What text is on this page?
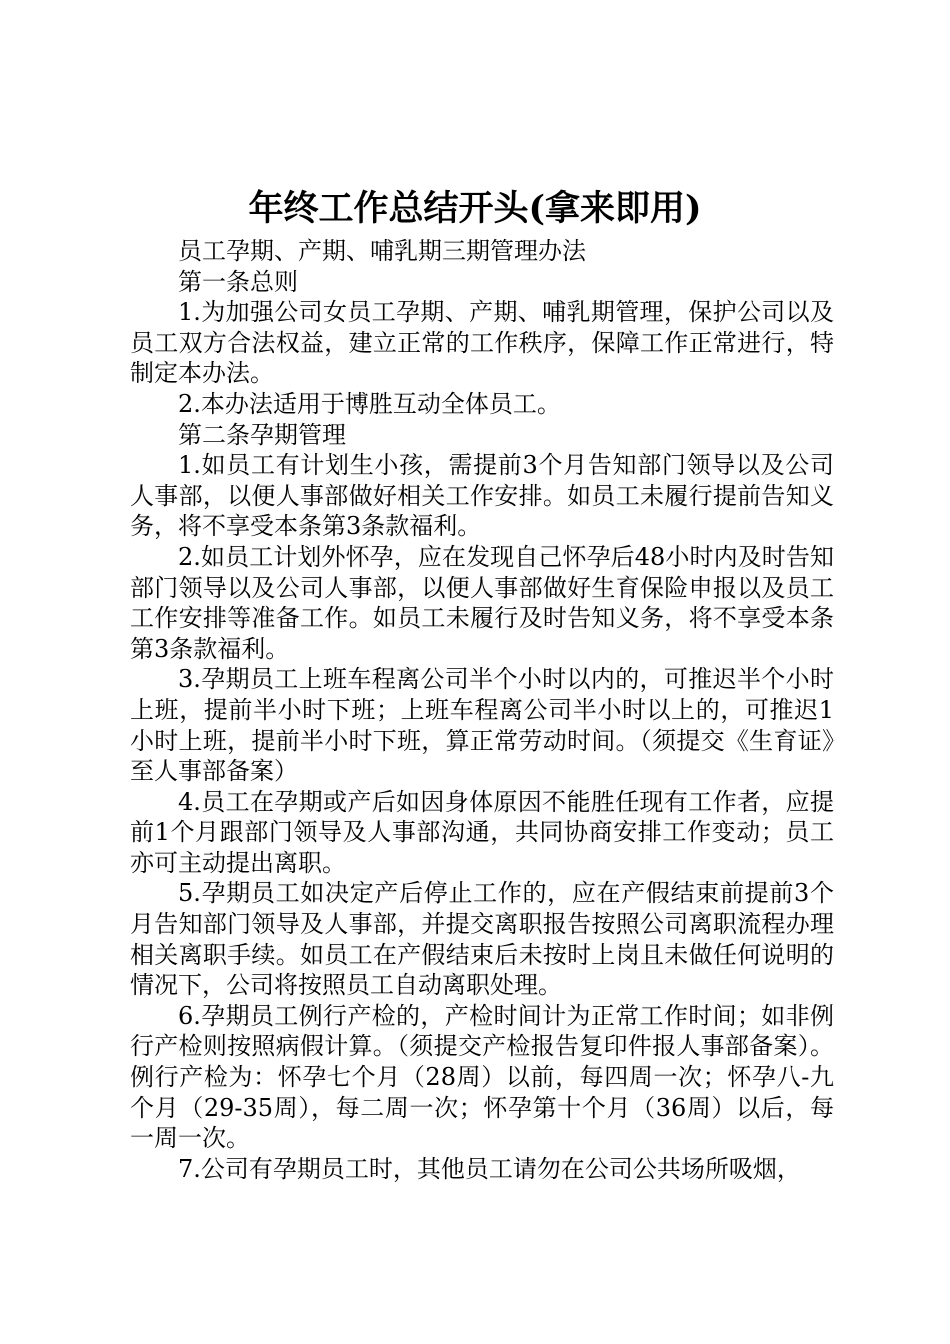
年终工作总结开头(拿来即用)

员工孕期、产期、哺乳期三期管理办法

第一条总则

1.为加强公司女员工孕期、产期、哺乳期管理，保护公司以及员工双方合法权益，建立正常的工作秩序，保障工作正常进行，特制定本办法。

2.本办法适用于博胜互动全体员工。

第二条孕期管理

1.如员工有计划生小孩，需提前3个月告知部门领导以及公司人事部，以便人事部做好相关工作安排。如员工未履行提前告知义务，将不享受本条第3条款福利。

2.如员工计划外怀孕，应在发现自己怀孕后48小时内及时告知部门领导以及公司人事部，以便人事部做好生育保险申报以及员工工作安排等准备工作。如员工未履行及时告知义务，将不享受本条第3条款福利。

3.孕期员工上班车程离公司半个小时以内的，可推迟半个小时上班，提前半小时下班；上班车程离公司半小时以上的，可推迟1小时上班，提前半小时下班，算正常劳动时间。（须提交《生育证》至人事部备案）

4.员工在孕期或产后如因身体原因不能胜任现有工作者，应提前1个月跟部门领导及人事部沟通，共同协商安排工作变动；员工亦可主动提出离职。

5.孕期员工如决定产后停止工作的，应在产假结束前提前3个月告知部门领导及人事部，并提交离职报告按照公司离职流程办理相关离职手续。如员工在产假结束后未按时上岗且未做任何说明的情况下，公司将按照员工自动离职处理。

6.孕期员工例行产检的，产检时间计为正常工作时间；如非例行产检则按照病假计算。（须提交产检报告复印件报人事部备案）。例行产检为：怀孕七个月（28周）以前，每四周一次；怀孕八-九个月（29-35周），每二周一次；怀孕第十个月（36周）以后，每一周一次。

7.公司有孕期员工时，其他员工请勿在公司公共场所吸烟，
